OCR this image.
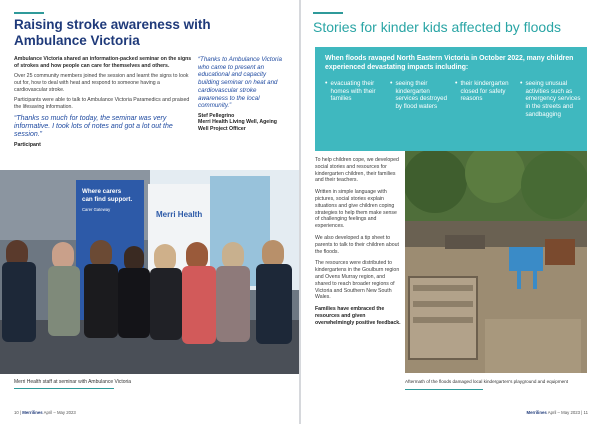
Raising stroke awareness with Ambulance Victoria

Ambulance Victoria shared an information-packed seminar on the signs of strokes and how people can care for themselves and others.

Over 25 community members joined the session and learnt the signs to look out for, how to deal with heat and respond to someone having a cardiovascular stroke.

Participants were able to talk to Ambulance Victoria Paramedics and praised the lifesaving information.

“Thanks so much for today, the seminar was very informative. I took lots of notes and got a lot out the session.”

Participant

“Thanks to Ambulance Victoria who came to present an educational and capacity building seminar on heat and cardiovascular stroke awareness to the local community.”

Stef Pellegrino

Merri Health Living Well, Ageing Well Project Officer

Where carers
can find support.
Carer Gateway
Merri Health
Merri Health staff at seminar with Ambulance Victoria
10 | Merrilines April – May 2023
Stories for kinder kids affected by floods
When floods ravaged North Eastern Victoria in October 2022, many children experienced devastating impacts including:
• evacuating their homes with their families
• seeing their kindergarten services destroyed by flood waters
• their kindergarten closed for safety reasons
• seeing unusual activities such as emergency services in the streets and sandbagging

To help children cope, we developed social stories and resources for kindergarten children, their families and their teachers.

Written in simple language with pictures, social stories explain situations and give children coping strategies to help them make sense of challenging feelings and experiences.

We also developed a tip sheet to parents to talk to their children about the floods.

The resources were distributed to kindergartens in the Goulburn region and Ovens Murray region, and shared to reach broader regions of Victoria and Southern New South Wales.

Families have embraced the resources and given overwhelmingly positive feedback.

Aftermath of the floods damaged local kindergarten's playground and equipment
Merrilines April – May 2023 | 11
